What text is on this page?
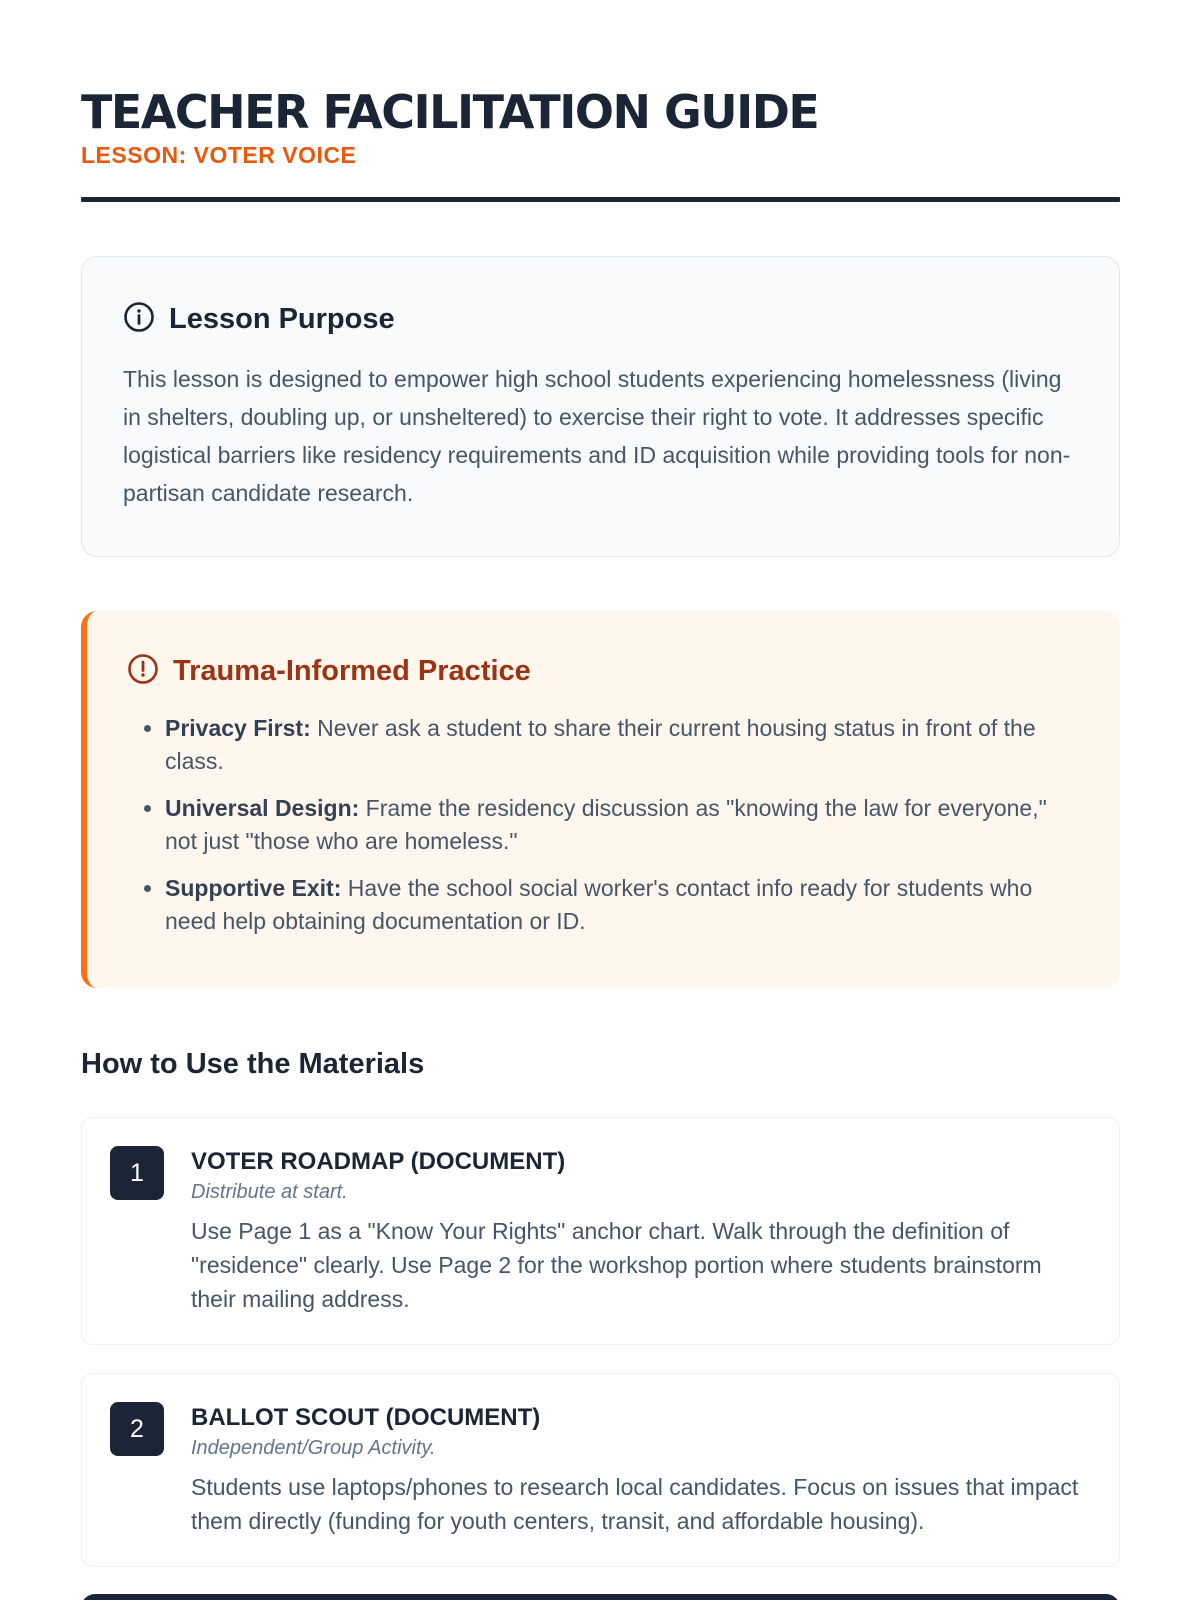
TEACHER FACILITATION GUIDE
LESSON: VOTER VOICE
Lesson Purpose

This lesson is designed to empower high school students experiencing homelessness (living in shelters, doubling up, or unsheltered) to exercise their right to vote. It addresses specific logistical barriers like residency requirements and ID acquisition while providing tools for non-partisan candidate research.

Trauma-Informed Practice
• Privacy First: Never ask a student to share their current housing status in front of the class.
• Universal Design: Frame the residency discussion as "knowing the law for everyone," not just "those who are homeless."
• Supportive Exit: Have the school social worker's contact info ready for students who need help obtaining documentation or ID.
How to Use the Materials
1	VOTER ROADMAP (DOCUMENT)
Distribute at start.
Use Page 1 as a "Know Your Rights" anchor chart. Walk through the definition of "residence" clearly. Use Page 2 for the workshop portion where students brainstorm their mailing address.
2	BALLOT SCOUT (DOCUMENT)
Independent/Group Activity.
Students use laptops/phones to research local candidates. Focus on issues that impact them directly (funding for youth centers, transit, and affordable housing).
